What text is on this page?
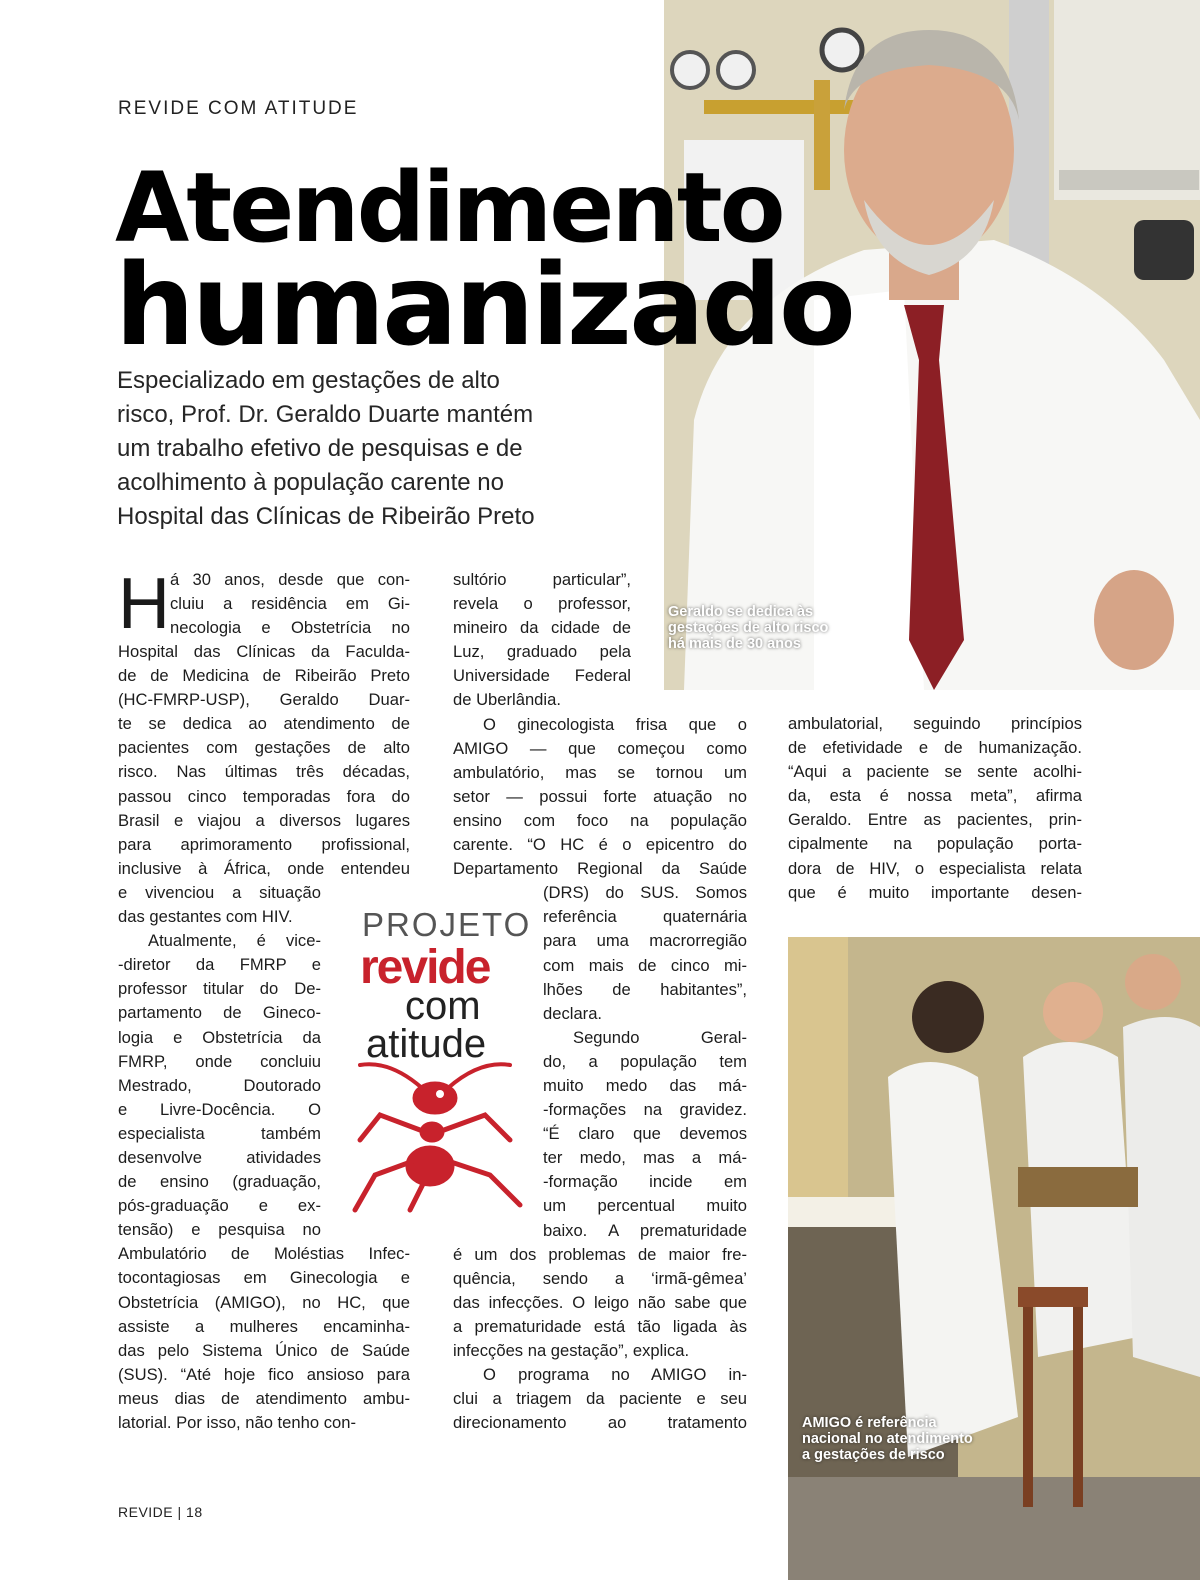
Geraldo se dedica às
gestações de alto risco
há mais de 30 anos
AMIGO é referência
nacional no atendimento
a gestações de risco
REVIDE COM ATITUDE
Atendimento
humanizado
Especializado em gestações de alto
risco, Prof. Dr. Geraldo Duarte mantém
um trabalho efetivo de pesquisas e de
acolhimento à população carente no
Hospital das Clínicas de Ribeirão Preto
H á 30 anos, desde que con-
cluiu a residência em Gi-
necologia e Obstetrícia no
Hospital das Clínicas da Faculda-
de de Medicina de Ribeirão Preto
(HC-FMRP-USP), Geraldo Duar-
te se dedica ao atendimento de
pacientes com gestações de alto
risco. Nas últimas três décadas,
passou cinco temporadas fora do
Brasil e viajou a diversos lugares
para aprimoramento profissional,
inclusive à África, onde entendeu
e vivenciou a situação
das gestantes com HIV.
Atualmente, é vice-
-diretor da FMRP e
professor titular do De-
partamento de Gineco-
logia e Obstetrícia da
FMRP, onde concluiu
Mestrado, Doutorado
e Livre-Docência. O
especialista também
desenvolve atividades
de ensino (graduação,
pós-graduação e ex-
tensão) e pesquisa no
Ambulatório de Moléstias Infec-
tocontagiosas em Ginecologia e
Obstetrícia (AMIGO), no HC, que
assiste a mulheres encaminha-
das pelo Sistema Único de Saúde
(SUS). “Até hoje fico ansioso para
meus dias de atendimento ambu-
latorial. Por isso, não tenho con-
sultório particular”,
revela o professor,
mineiro da cidade de
Luz, graduado pela
Universidade Federal
de Uberlândia.
O ginecologista frisa que o
AMIGO — que começou como
ambulatório, mas se tornou um
setor — possui forte atuação no
ensino com foco na população
carente. “O HC é o epicentro do
Departamento Regional da Saúde
(DRS) do SUS. Somos
referência quaternária
para uma macrorregião
com mais de cinco mi-
lhões de habitantes”,
declara.
Segundo Geral-
do, a população tem
muito medo das má-
-formações na gravidez.
“É claro que devemos
ter medo, mas a má-
-formação incide em
um percentual muito
baixo. A prematuridade
é um dos problemas de maior fre-
quência, sendo a ‘irmã-gêmea’
das infecções. O leigo não sabe que
a prematuridade está tão ligada às
infecções na gestação”, explica.
O programa no AMIGO in-
clui a triagem da paciente e seu
direcionamento ao tratamento
ambulatorial, seguindo princípios
de efetividade e de humanização.
“Aqui a paciente se sente acolhi-
da, esta é nossa meta”, afirma
Geraldo. Entre as pacientes, prin-
cipalmente na população porta-
dora de HIV, o especialista relata
que é muito importante desen-
PROJETO
revide
com
atitude
REVIDE | 18
